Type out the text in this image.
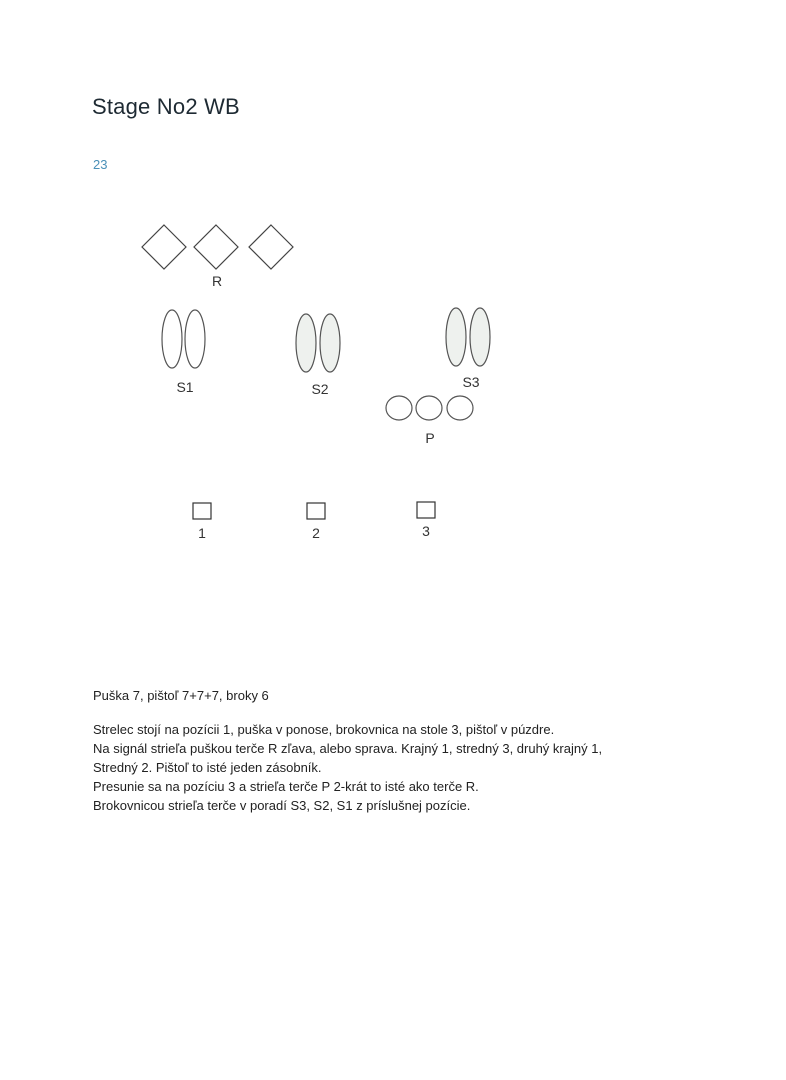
Stage No2 WB
23
R
S1	S2	S3
P
1	2	3
Puška 7, pištoľ 7+7+7, broky 6
Strelec stojí na pozícii 1, puška v ponose, brokovnica na stole 3, pištoľ v púzdre.
Na signál strieľa puškou terče R zľava, alebo sprava. Krajný 1, stredný 3, druhý krajný 1,
Stredný 2. Pištoľ to isté jeden zásobník.
Presunie sa na pozíciu 3 a strieľa terče P 2-krát to isté ako terče R.
Brokovnicou strieľa terče v poradí S3, S2, S1 z príslušnej pozície.
